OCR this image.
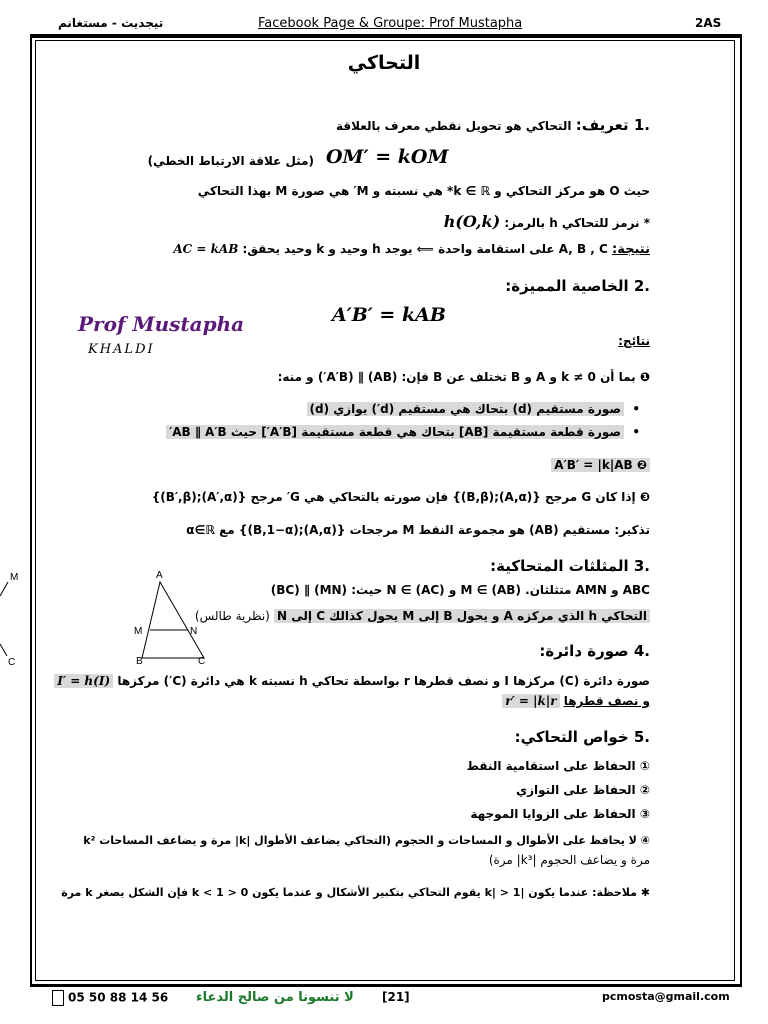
تيجديث - مستغانم	Facebook Page & Groupe: Prof Mustapha	2AS
التحاكي
.1 تعريف: التحاكي هو تحويل نقطي معرف بالعلاقة
OM′ = kOM
(مثل علاقة الارتباط الخطي)
حيث O هو مركز التحاكي و k ∈ ℝ* هي نسبته و M′ هي صورة M بهذا التحاكي
* نرمز للتحاكي h بالرمز: h(O,k)
نتيجة: A, B , C على استقامة واحدة ⟸ يوجد h وحيد و k وحيد يحقق: AC = kAB
.2 الخاصية المميزة:
A′B′ = kAB
Prof Mustapha
KHALDI
نتائج:
❶ بما أن k ≠ 0 و A و B تختلف عن B فإن: (AB) ∥ (A′B′) و منه:
•  صورة مستقيم (d) بتحاك هي مستقيم (d′) يوازي (d)
•  صورة قطعة مستقيمة [AB] بتحاك هي قطعة مستقيمة [A′B′] حيث AB ∥ A′B′
❷ A′B′ = |k|AB
❸ إذا كان G مرجح {(A,α);(B,β)} فإن صورته بالتحاكي هي G′ مرجح {(A′,α);(B′,β)}
تذكير: مستقيم (AB) هو مجموعة النقط M مرجحات {(A,α);(B,1−α)} مع α∈ℝ
.3 المثلثات المتحاكية:
ABC و AMN متثلثان. M ∈ (AB) و N ∈ (AC) حيث: (MN) ∥ (BC)
التحاكي h الذي مركزه A و يحول B إلى M يحول كذالك C إلى N (نظرية طالس)
A
M	N
B	C
M
C
.4 صورة دائرة:
صورة دائرة (C) مركزها I و نصف قطرها r بواسطة تحاكي h نسبته k هي دائرة (C′) مركزها I′ = h(I)
و نصف قطرها r′ = |k|r
.5 خواص التحاكي:
① الحفاظ على استقامية النقط
② الحفاظ على التوازي
③ الحفاظ على الزوايا الموجهة
④ لا يحافظ على الأطوال و المساحات و الحجوم (التحاكي يضاعف الأطوال |k| مرة و يضاعف المساحات k²
مرة و يضاعف الحجوم |k³| مرة)
✱ ملاحظة: عندما يكون |k| > 1 يقوم التحاكي بتكبير الأشكال و عندما يكون 0 < k < 1 فإن الشكل يصغر k مرة
05 50 88 14 56 لا تنسونا من صالح الدعاء [21]	pcmosta@gmail.com
